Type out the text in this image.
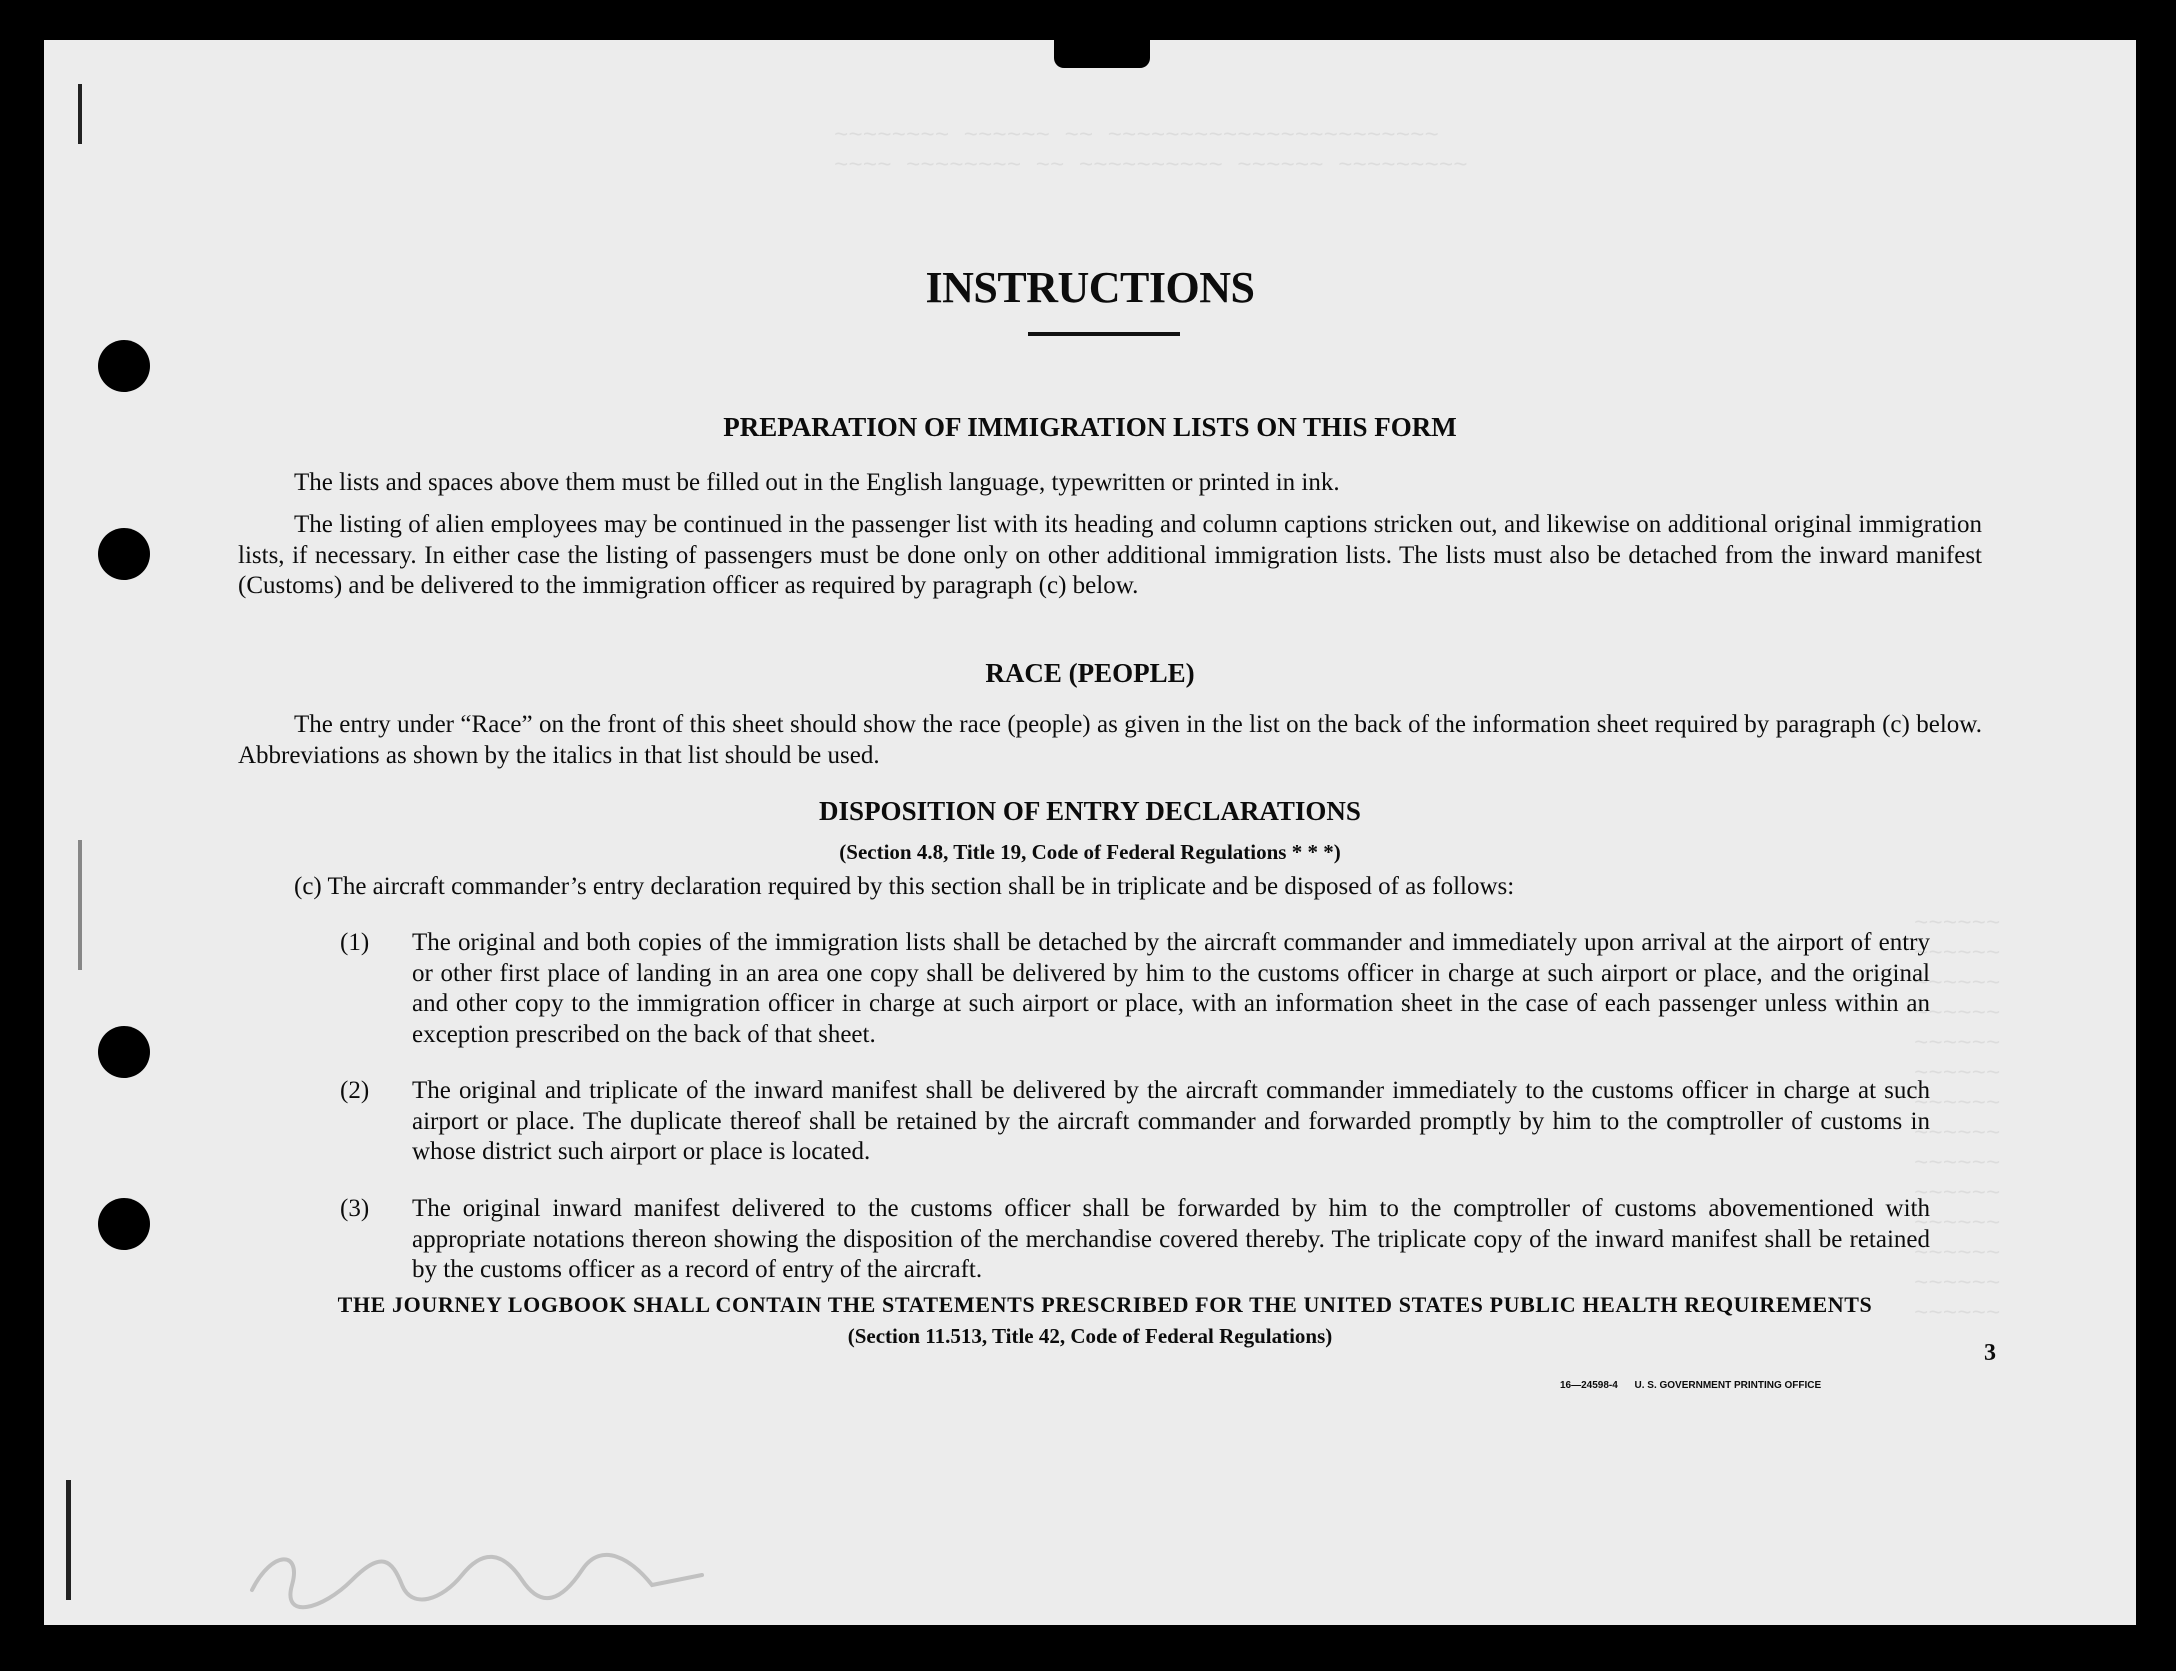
~~~~~~~~ ~~~~~~ ~~ ~~~~~~~~~~~~~~~~~~~~~~~
~~~~ ~~~~~~~~ ~~ ~~~~~~~~~~ ~~~~~~ ~~~~~~~~~
~~~~~~
~~~~~~
~~~~~~
~~~~~~
~~~~~~
~~~~~~
~~~~~~
~~~~~~
~~~~~~
~~~~~~
~~~~~~
~~~~~~
~~~~~~
~~~~~~
INSTRUCTIONS
PREPARATION OF IMMIGRATION LISTS ON THIS FORM
The lists and spaces above them must be filled out in the English language, typewritten or printed in ink.
The listing of alien employees may be continued in the passenger list with its heading and column captions stricken out, and likewise on additional original immigration lists, if necessary. In either case the listing of passengers must be done only on other additional immigration lists. The lists must also be detached from the inward manifest (Customs) and be delivered to the immigration officer as required by paragraph (c) below.
RACE (PEOPLE)
The entry under “Race” on the front of this sheet should show the race (people) as given in the list on the back of the information sheet required by paragraph (c) below. Abbreviations as shown by the italics in that list should be used.
DISPOSITION OF ENTRY DECLARATIONS
(Section 4.8, Title 19, Code of Federal Regulations * * *)
(c) The aircraft commander’s entry declaration required by this section shall be in triplicate and be disposed of as follows:
(1) The original and both copies of the immigration lists shall be detached by the aircraft commander and immediately upon arrival at the airport of entry or other first place of landing in an area one copy shall be delivered by him to the customs officer in charge at such airport or place, and the original and other copy to the immigration officer in charge at such airport or place, with an information sheet in the case of each passenger unless within an exception prescribed on the back of that sheet.
(2) The original and triplicate of the inward manifest shall be delivered by the aircraft commander immediately to the customs officer in charge at such airport or place. The duplicate thereof shall be retained by the aircraft commander and forwarded promptly by him to the comptroller of customs in whose district such airport or place is located.
(3) The original inward manifest delivered to the customs officer shall be forwarded by him to the comptroller of customs abovementioned with appropriate notations thereon showing the disposition of the merchandise covered thereby. The triplicate copy of the inward manifest shall be retained by the customs officer as a record of entry of the aircraft.
THE JOURNEY LOGBOOK SHALL CONTAIN THE STATEMENTS PRESCRIBED FOR THE UNITED STATES PUBLIC HEALTH REQUIREMENTS
(Section 11.513, Title 42, Code of Federal Regulations)
3
16—24598-4 U. S. GOVERNMENT PRINTING OFFICE
